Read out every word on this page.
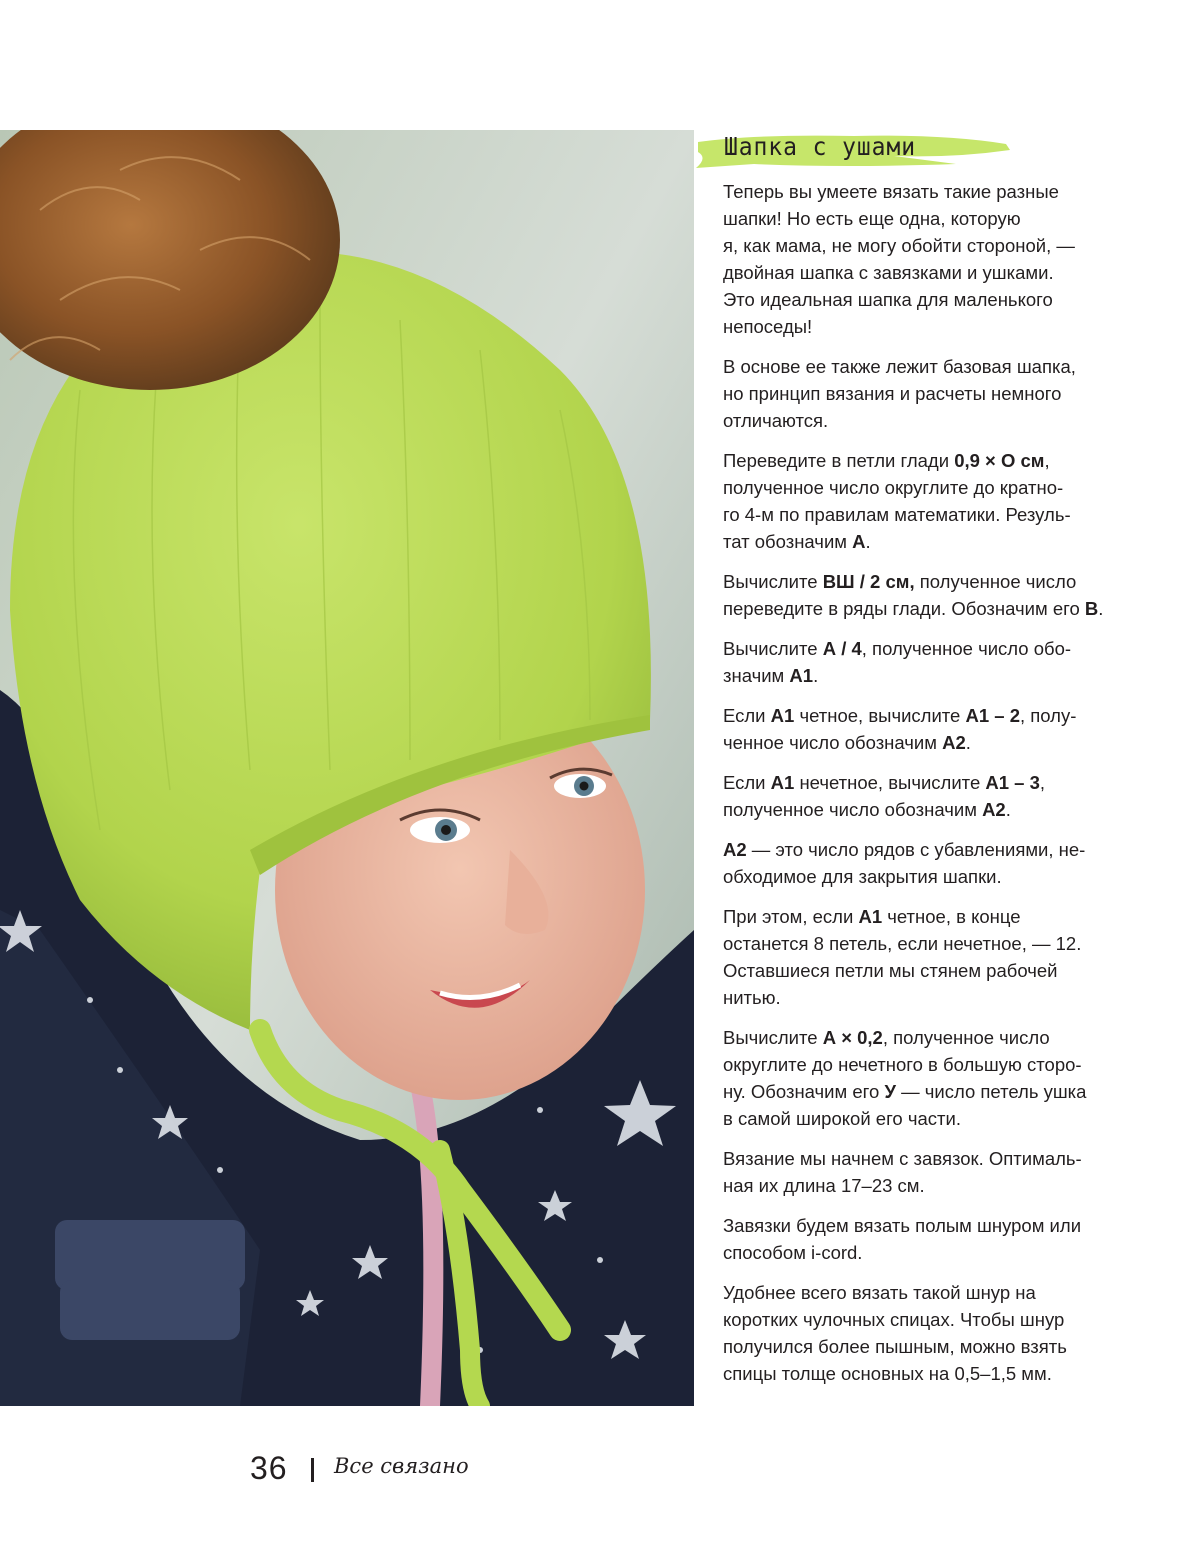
Шапка с ушами

Теперь вы умеете вязать такие разные
шапки! Но есть еще одна, которую
я, как мама, не могу обойти стороной, —
двойная шапка с завязками и ушками.
Это идеальная шапка для маленького
непоседы!

В основе ее также лежит базовая шапка,
но принцип вязания и расчеты немного
отличаются.

Переведите в петли глади 0,9 × О см,
полученное число округлите до кратно-
го 4-м по правилам математики. Резуль-
тат обозначим А.

Вычислите ВШ / 2 см, полученное число
переведите в ряды глади. Обозначим его В.

Вычислите А / 4, полученное число обо-
значим А1.

Если А1 четное, вычислите А1 – 2, полу-
ченное число обозначим А2.

Если А1 нечетное, вычислите А1 – 3,
полученное число обозначим А2.

А2 — это число рядов с убавлениями, не-
обходимое для закрытия шапки.

При этом, если А1 четное, в конце
останется 8 петель, если нечетное, — 12.
Оставшиеся петли мы стянем рабочей
нитью.

Вычислите А × 0,2, полученное число
округлите до нечетного в большую сторо-
ну. Обозначим его У — число петель ушка
в самой широкой его части.

Вязание мы начнем с завязок. Оптималь-
ная их длина 17–23 см.

Завязки будем вязать полым шнуром или
способом i-cord.

Удобнее всего вязать такой шнур на
коротких чулочных спицах. Чтобы шнур
получился более пышным, можно взять
спицы толще основных на 0,5–1,5 мм.

36 Все связано
